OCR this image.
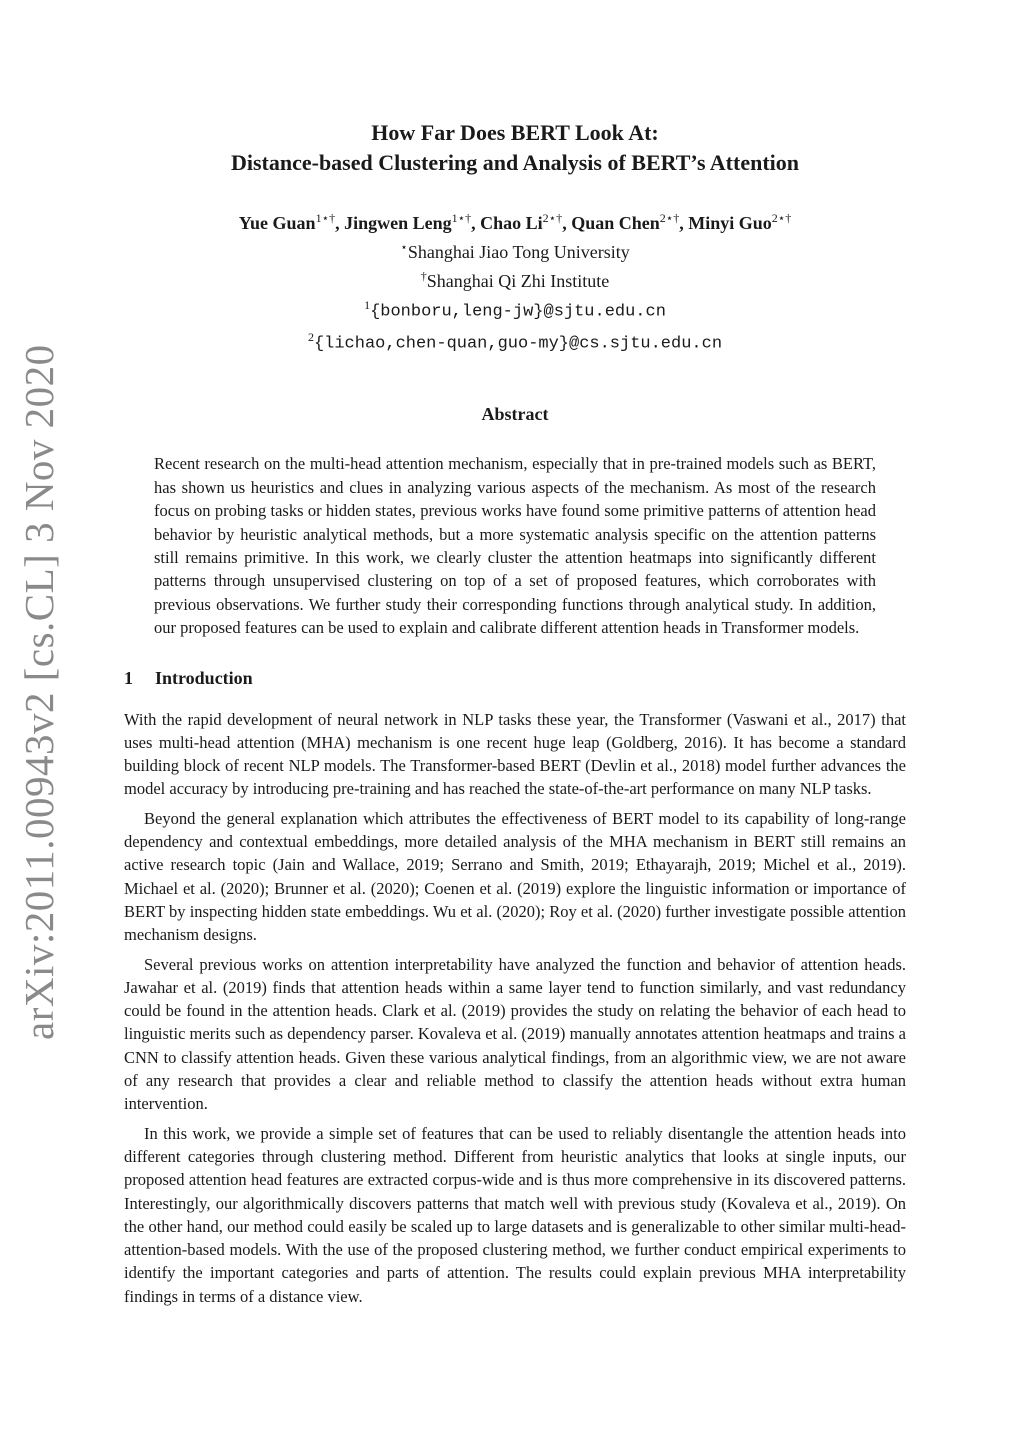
arXiv:2011.00943v2 [cs.CL] 3 Nov 2020
How Far Does BERT Look At:
Distance-based Clustering and Analysis of BERT’s Attention
Yue Guan$^{1⋆\dagger}$, Jingwen Leng$^{1⋆\dagger}$, Chao $Li^{2⋆\dagger}$, Quan Chen$^{2⋆\dagger}$, Minyi Guo$^{2⋆\dagger}$
⋆Shanghai Jiao Tong University
†Shanghai Qi Zhi Institute
$^1${bonboru,leng-jw}@sjtu.edu.cn
$^2${lichao,chen-quan,guo-my}@cs.sjtu.edu.cn
Abstract
Recent research on the multi-head attention mechanism, especially that in pre-trained models such as BERT, has shown us heuristics and clues in analyzing various aspects of the mechanism. As most of the research focus on probing tasks or hidden states, previous works have found some primitive patterns of attention head behavior by heuristic analytical methods, but a more systematic analysis specific on the attention patterns still remains primitive. In this work, we clearly cluster the attention heatmaps into significantly different patterns through unsupervised clustering on top of a set of proposed features, which corroborates with previous observations. We further study their corresponding functions through analytical study. In addition, our proposed features can be used to explain and calibrate different attention heads in Transformer models.
1 Introduction

With the rapid development of neural network in NLP tasks these year, the Transformer (Vaswani et al., 2017) that uses multi-head attention (MHA) mechanism is one recent huge leap (Goldberg, 2016). It has become a standard building block of recent NLP models. The Transformer-based BERT (Devlin et al., 2018) model further advances the model accuracy by introducing pre-training and has reached the state-of-the-art performance on many NLP tasks.

Beyond the general explanation which attributes the effectiveness of BERT model to its capability of long-range dependency and contextual embeddings, more detailed analysis of the MHA mechanism in BERT still remains an active research topic (Jain and Wallace, 2019; Serrano and Smith, 2019; Ethayarajh, 2019; Michel et al., 2019). Michael et al. (2020); Brunner et al. (2020); Coenen et al. (2019) explore the linguistic information or importance of BERT by inspecting hidden state embeddings. Wu et al. (2020); Roy et al. (2020) further investigate possible attention mechanism designs.

Several previous works on attention interpretability have analyzed the function and behavior of attention heads. Jawahar et al. (2019) finds that attention heads within a same layer tend to function similarly, and vast redundancy could be found in the attention heads. Clark et al. (2019) provides the study on relating the behavior of each head to linguistic merits such as dependency parser. Kovaleva et al. (2019) manually annotates attention heatmaps and trains a CNN to classify attention heads. Given these various analytical findings, from an algorithmic view, we are not aware of any research that provides a clear and reliable method to classify the attention heads without extra human intervention.

In this work, we provide a simple set of features that can be used to reliably disentangle the attention heads into different categories through clustering method. Different from heuristic analytics that looks at single inputs, our proposed attention head features are extracted corpus-wide and is thus more comprehensive in its discovered patterns. Interestingly, our algorithmically discovers patterns that match well with previous study (Kovaleva et al., 2019). On the other hand, our method could easily be scaled up to large datasets and is generalizable to other similar multi-head-attention-based models. With the use of the proposed clustering method, we further conduct empirical experiments to identify the important categories and parts of attention. The results could explain previous MHA interpretability findings in terms of a distance view.
